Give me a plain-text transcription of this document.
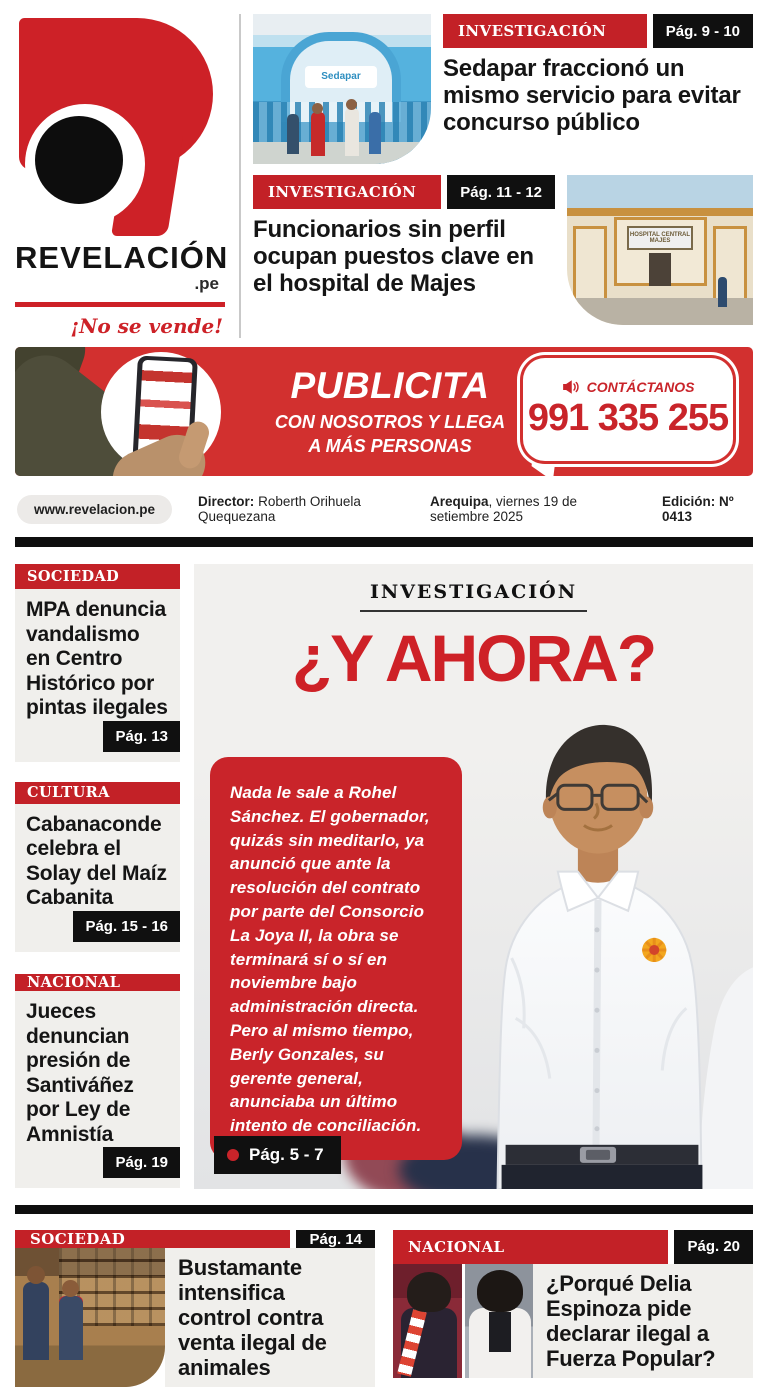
REVELACIÓN
.pe
¡No se vende!
Sedapar
INVESTIGACIÓN	Pág. 9 - 10
Sedapar fraccionó un mismo servicio para evitar concurso público
INVESTIGACIÓN	Pág. 11 - 12
Funcionarios sin perfil ocupan puestos clave en el hospital de Majes
HOSPITAL CENTRAL MAJES
PUBLICITA
CON NOSOTROS Y LLEGA
A MÁS PERSONAS
CONTÁCTANOS
991 335 255
www.revelacion.pe	Director: Roberth Orihuela Quequezana
Arequipa, viernes 19 de setiembre 2025
Edición: Nº 0413
SOCIEDAD
MPA denuncia vandalismo en Centro Histórico por pintas ilegales
Pág. 13
CULTURA
Cabanaconde celebra el Solay del Maíz Cabanita
Pág. 15 - 16
NACIONAL
Jueces denuncian presión de Santiváñez por Ley de Amnistía
Pág. 19
INVESTIGACIÓN
¿Y AHORA?
Nada le sale a Rohel Sánchez. El gobernador, quizás sin meditarlo, ya anunció que ante la resolución del contrato por parte del Consorcio La Joya II, la obra se terminará sí o sí en noviembre bajo administración directa. Pero al mismo tiempo, Berly Gonzales, su gerente general, anunciaba un último intento de conciliación.
Pág. 5 - 7
SOCIEDAD	Pág. 14
Bustamante intensifica control contra venta ilegal de animales
NACIONAL	Pág. 20
¿Porqué Delia Espinoza pide declarar ilegal a Fuerza Popular?
